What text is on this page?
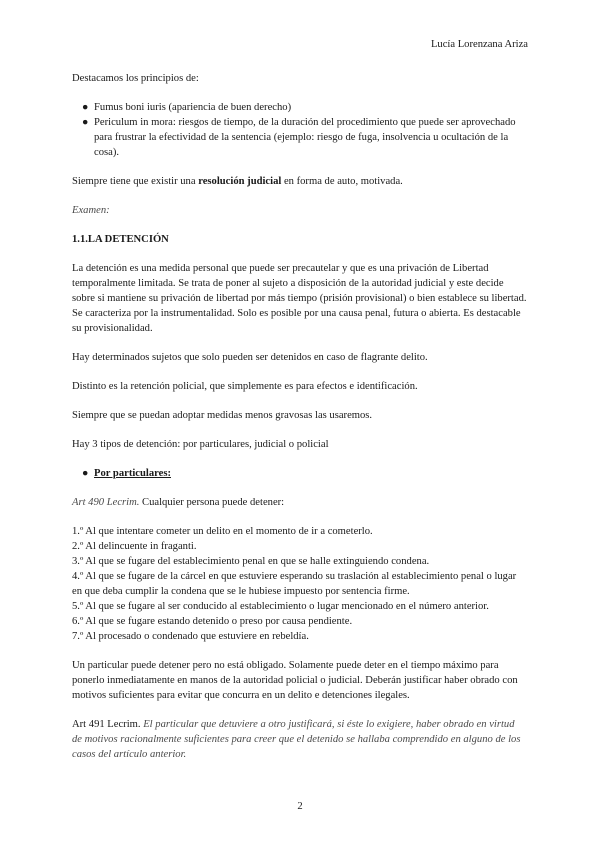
Lucía Lorenzana Ariza

Destacamos los principios de:

● Fumus boni iuris (apariencia de buen derecho)
● Periculum in mora: riesgos de tiempo, de la duración del procedimiento que puede ser aprovechado para frustrar la efectividad de la sentencia (ejemplo: riesgo de fuga, insolvencia u ocultación de la cosa).

Siempre tiene que existir una resolución judicial en forma de auto, motivada.

Examen:

1.1.LA DETENCIÓN

La detención es una medida personal que puede ser precautelar y que es una privación de Libertad temporalmente limitada. Se trata de poner al sujeto a disposición de la autoridad judicial y este decide sobre si mantiene su privación de libertad por más tiempo (prisión provisional) o bien establece su libertad. Se caracteriza por la instrumentalidad. Solo es posible por una causa penal, futura o abierta. Es destacable su provisionalidad.

Hay determinados sujetos que solo pueden ser detenidos en caso de flagrante delito.

Distinto es la retención policial, que simplemente es para efectos e identificación.

Siempre que se puedan adoptar medidas menos gravosas las usaremos.

Hay 3 tipos de detención: por particulares, judicial o policial

● Por particulares:

Art 490 Lecrim. Cualquier persona puede detener:

1.º Al que intentare cometer un delito en el momento de ir a cometerlo.

2.º Al delincuente in fraganti.

3.º Al que se fugare del establecimiento penal en que se halle extinguiendo condena.

4.º Al que se fugare de la cárcel en que estuviere esperando su traslación al establecimiento penal o lugar en que deba cumplir la condena que se le hubiese impuesto por sentencia firme.

5.º Al que se fugare al ser conducido al establecimiento o lugar mencionado en el número anterior.

6.º Al que se fugare estando detenido o preso por causa pendiente.

7.º Al procesado o condenado que estuviere en rebeldía.

Un particular puede detener pero no está obligado. Solamente puede deter en el tiempo máximo para ponerlo inmediatamente en manos de la autoridad policial o judicial. Deberán justificar haber obrado con motivos suficientes para evitar que concurra en un delito e detenciones ilegales.

Art 491 Lecrim. El particular que detuviere a otro justificará, si éste lo exigiere, haber obrado en virtud de motivos racionalmente suficientes para creer que el detenido se hallaba comprendido en alguno de los casos del artículo anterior.

2
